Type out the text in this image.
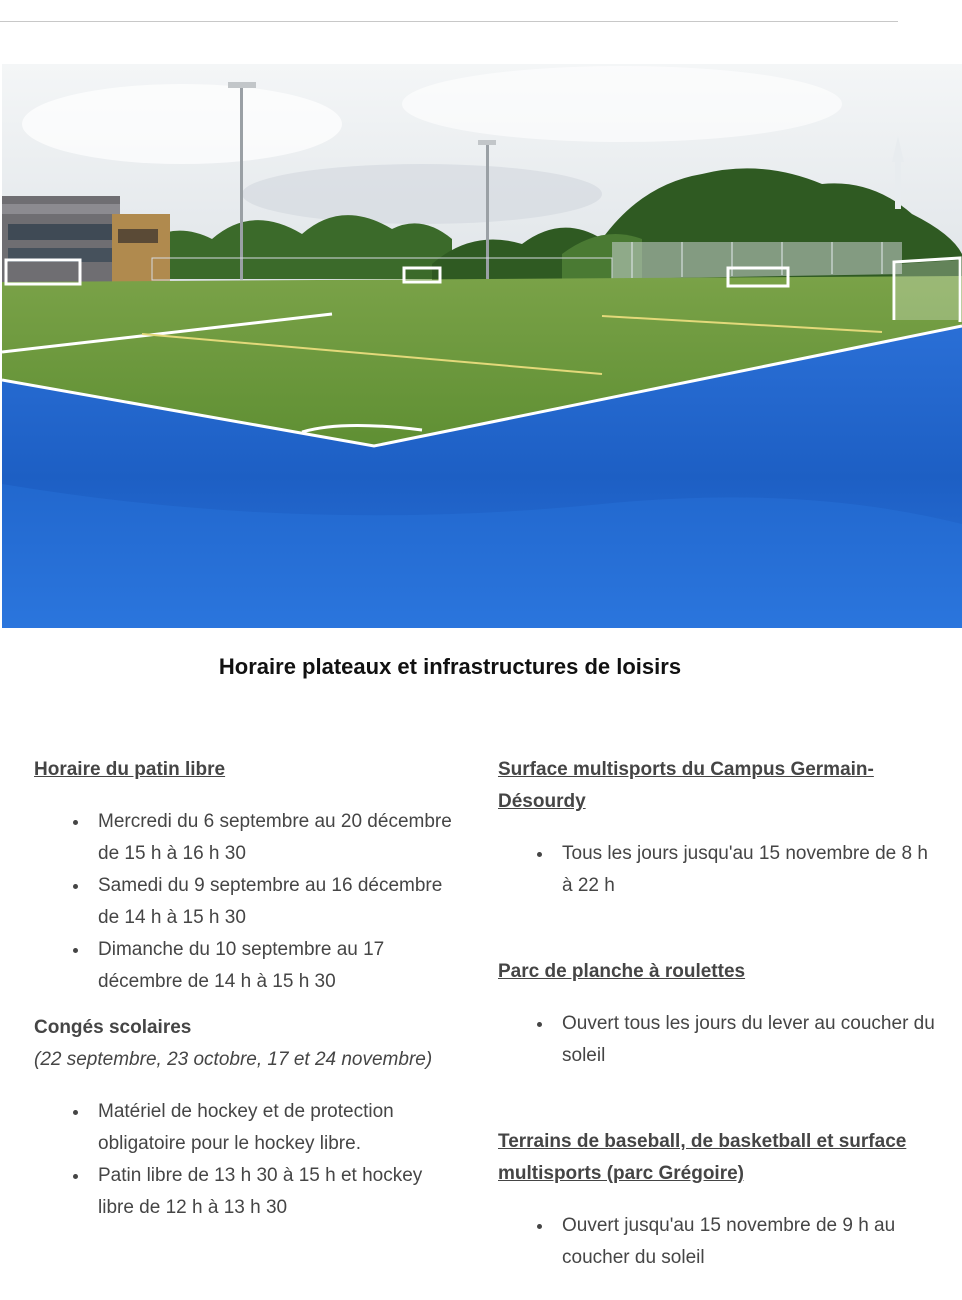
Horaire plateaux et infrastructures de loisirs
Horaire du patin libre
Mercredi du 6 septembre au 20 décembre de 15 h à 16 h 30
Samedi du 9 septembre au 16 décembre de 14 h à 15 h 30
Dimanche du 10 septembre au 17 décembre de 14 h à 15 h 30

Congés scolaires

(22 septembre, 23 octobre, 17 et 24 novembre)

Matériel de hockey et de protection obligatoire pour le hockey libre.
Patin libre de 13 h 30 à 15 h et hockey libre de 12 h à 13 h 30
Surface multisports du Campus Germain-Désourdy
Tous les jours jusqu'au 15 novembre de 8 h à 22 h
Parc de planche à roulettes
Ouvert tous les jours du lever au coucher du soleil
Terrains de baseball, de basketball et surface multisports (parc Grégoire)
Ouvert jusqu'au 15 novembre de 9 h au coucher du soleil
